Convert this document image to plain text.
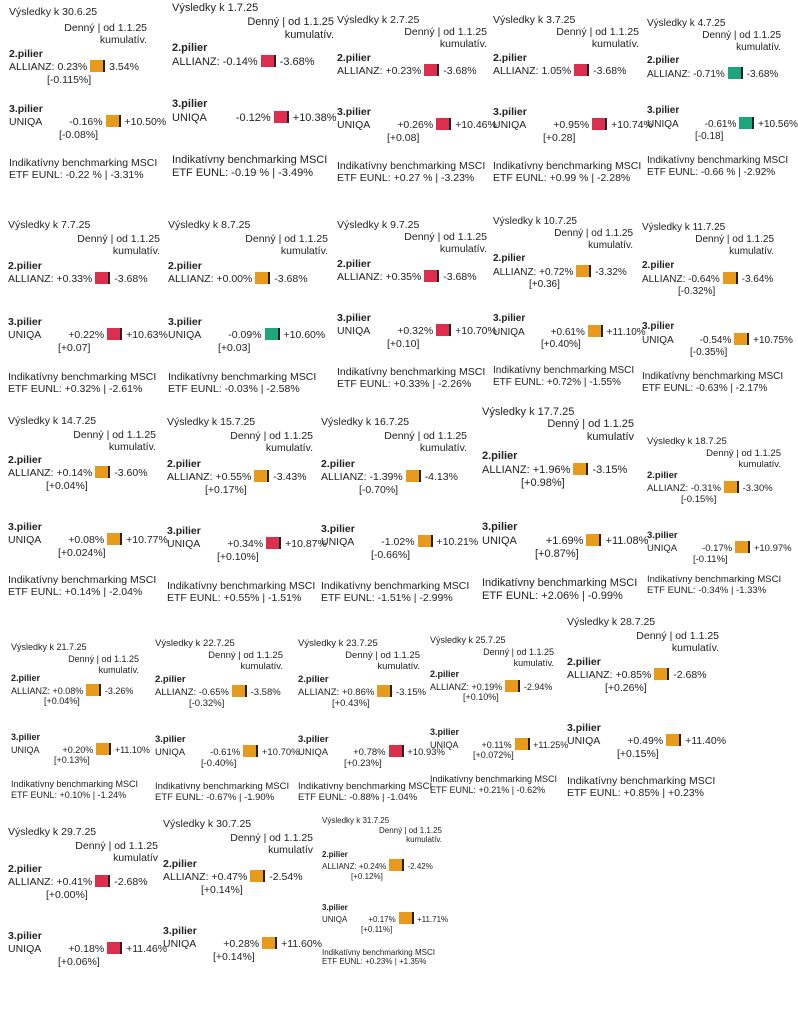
Výsledky k 30.6.25
Denný | od 1.1.25
kumulatív.
2.pilier
ALLIANZ: 0.23% 3.54%
[-0.115%]
3.pilier
UNIQA	-0.16% +10.50%
[-0.08%]
Indikatívny benchmarking MSCI
ETF EUNL: -0.22 % | -3.31%
Výsledky k 1.7.25
Denný | od 1.1.25
kumulatív.
2.pilier
ALLIANZ: -0.14% -3.68%
3.pilier
UNIQA	-0.12% +10.38%
Indikatívny benchmarking MSCI
ETF EUNL: -0.19 % | -3.49%
Výsledky k 2.7.25
Denný | od 1.1.25
kumulatív.
2.pilier
ALLIANZ: +0.23% -3.68%
3.pilier
UNIQA	+0.26% +10.46%
[+0.08]
Indikatívny benchmarking MSCI
ETF EUNL: +0.27 % | -3.23%
Výsledky k 3.7.25
Denný | od 1.1.25
kumulatív.
2.pilier
ALLIANZ: 1.05% -3.68%
3.pilier
UNIQA	+0.95% +10.74%
[+0.28]
Indikatívny benchmarking MSCI
ETF EUNL: +0.99 % | -2.28%
Výsledky k 4.7.25
Denný | od 1.1.25
kumulatív.
2.pilier
ALLIANZ: -0.71% -3.68%
3.pilier
UNIQA	-0.61% +10.56%
[-0.18]
Indikatívny benchmarking MSCI
ETF EUNL: -0.66 % | -2.92%
Výsledky k 7.7.25
Denný | od 1.1.25
kumulatív.
2.pilier
ALLIANZ: +0.33% -3.68%
3.pilier
UNIQA	+0.22% +10.63%
[+0.07]
Indikatívny benchmarking MSCI
ETF EUNL: +0.32% | -2.61%
Výsledky k 8.7.25
Denný | od 1.1.25
kumulatív.
2.pilier
ALLIANZ: +0.00% -3.68%
3.pilier
UNIQA	-0.09% +10.60%
[+0.03]
Indikatívny benchmarking MSCI
ETF EUNL: -0.03% | -2.58%
Výsledky k 9.7.25
Denný | od 1.1.25
kumulatív.
2.pilier
ALLIANZ: +0.35% -3.68%
3.pilier
UNIQA	+0.32% +10.70%
[+0.10]
Indikatívny benchmarking MSCI
ETF EUNL: +0.33% | -2.26%
Výsledky k 10.7.25
Denný | od 1.1.25
kumulatív.
2.pilier
ALLIANZ: +0.72% -3.32%
[+0.36]
3.pilier
UNIQA	+0.61% +11.10%
[+0.40%]
Indikatívny benchmarking MSCI
ETF EUNL: +0.72% | -1.55%
Výsledky k 11.7.25
Denný | od 1.1.25
kumulatív.
2.pilier
ALLIANZ: -0.64% -3.64%
[-0.32%]
3.pilier
UNIQA	-0.54% +10.75%
[-0.35%]
Indikatívny benchmarking MSCI
ETF EUNL: -0.63% | -2.17%
Výsledky k 14.7.25
Denný | od 1.1.25
kumulatív.
2.pilier
ALLIANZ: +0.14% -3.60%
[+0.04%]
3.pilier
UNIQA	+0.08% +10.77%
[+0.024%]
Indikatívny benchmarking MSCI
ETF EUNL: +0.14% | -2.04%
Výsledky k 15.7.25
Denný | od 1.1.25
kumulatív.
2.pilier
ALLIANZ: +0.55% -3.43%
[+0.17%]
3.pilier
UNIQA	+0.34% +10.87%
[+0.10%]
Indikatívny benchmarking MSCI
ETF EUNL: +0.55% | -1.51%
Výsledky k 16.7.25
Denný | od 1.1.25
kumulatív.
2.pilier
ALLIANZ: -1.39% -4.13%
[-0.70%]
3.pilier
UNIQA	-1.02% +10.21%
[-0.66%]
Indikatívny benchmarking MSCI
ETF EUNL: -1.51% | -2.99%
Výsledky k 17.7.25
Denný | od 1.1.25
kumulatív
2.pilier
ALLIANZ: +1.96% -3.15%
[+0.98%]
3.pilier
UNIQA	+1.69% +11.08%
[+0.87%]
Indikatívny benchmarking MSCI
ETF EUNL: +2.06% | -0.99%
Výsledky k 18.7.25
Denný | od 1.1.25
kumulatív.
2.pilier
ALLIANZ: -0.31% -3.30%
[-0.15%]
3.pilier
UNIQA	-0.17% +10.97%
[-0.11%]
Indikatívny benchmarking MSCI
ETF EUNL: -0.34% | -1.33%
Výsledky k 21.7.25
Denný | od 1.1.25
kumulatív.
2.pilier
ALLIANZ: +0.08% -3.26%
[+0.04%]
3.pilier
UNIQA	+0.20% +11.10%
[+0.13%]
Indikatívny benchmarking MSCI
ETF EUNL: +0.10% | -1.24%
Výsledky k 22.7.25
Denný | od 1.1.25
kumulatív.
2.pilier
ALLIANZ: -0.65% -3.58%
[-0.32%]
3.pilier
UNIQA	-0.61% +10.70%
[-0.40%]
Indikatívny benchmarking MSCI
ETF EUNL: -0.67% | -1.90%
Výsledky k 23.7.25
Denný | od 1.1.25
kumulatív.
2.pilier
ALLIANZ: +0.86% -3.15%
[+0.43%]
3.pilier
UNIQA	+0.78% +10.93%
[+0.23%]
Indikatívny benchmarking MSCI
ETF EUNL: -0.88% | -1.04%
Výsledky k 25.7.25
Denný | od 1.1.25
kumulatív.
2.pilier
ALLIANZ: +0.19% -2.94%
[+0.10%]
3.pilier
UNIQA	+0.11% +11.25%
[+0.072%]
Indikatívny benchmarking MSCI
ETF EUNL: +0.21% | -0.62%
Výsledky k 28.7.25
Denný | od 1.1.25
kumulatív.
2.pilier
ALLIANZ: +0.85% -2.68%
[+0.26%]
3.pilier
UNIQA	+0.49% +11.40%
[+0.15%]
Indikatívny benchmarking MSCI
ETF EUNL: +0.85% | +0.23%
Výsledky k 29.7.25
Denný | od 1.1.25
kumulatív
2.pilier
ALLIANZ: +0.41% -2.68%
[+0.00%]
3.pilier
UNIQA	+0.18% +11.46%
[+0.06%]
Výsledky k 30.7.25
Denný | od 1.1.25
kumulatív
2.pilier
ALLIANZ: +0.47% -2.54%
[+0.14%]
3.pilier
UNIQA	+0.28% +11.60%
[+0.14%]
Výsledky k 31.7.25
Denný | od 1.1.25
kumulatív.
2.pilier
ALLIANZ: +0.24%	-2.42%
[+0.12%]
3.pilier
UNIQA	+0.17%	+11.71%
[+0.11%]
Indikatívny benchmarking MSCI
ETF EUNL: +0.23% | +1.35%
